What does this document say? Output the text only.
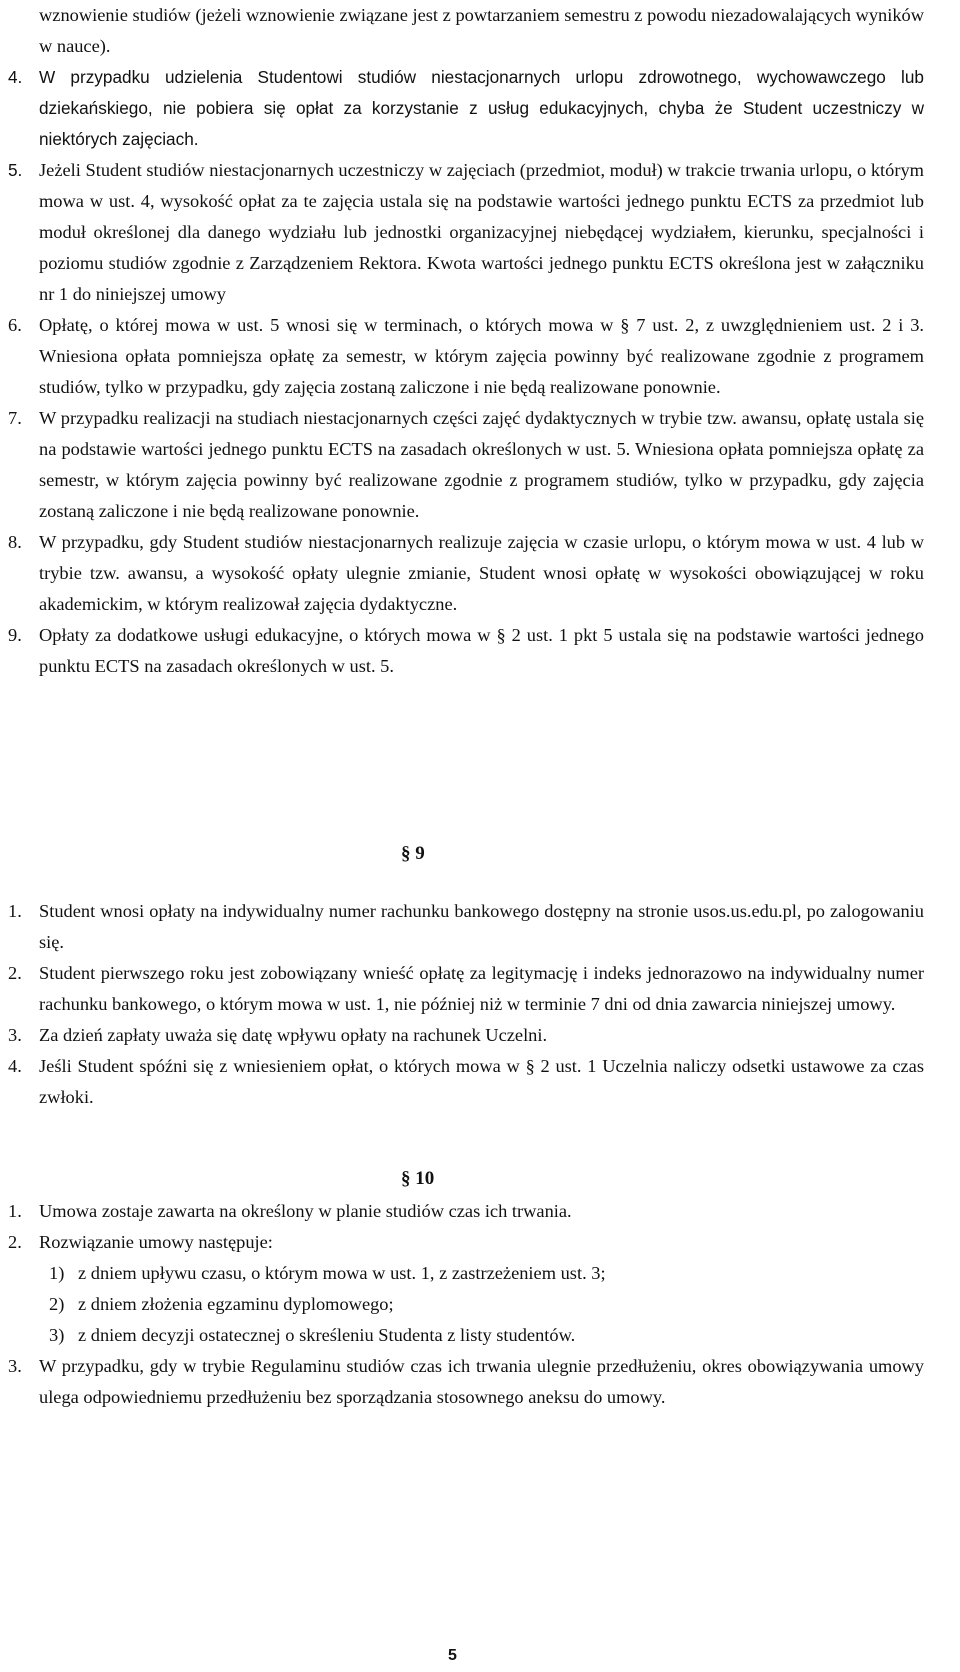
wznowienie studiów (jeżeli wznowienie związane jest z powtarzaniem semestru z powodu niezadowalających wyników w nauce).
4. W przypadku udzielenia Studentowi studiów niestacjonarnych urlopu zdrowotnego, wychowawczego lub dziekańskiego, nie pobiera się opłat za korzystanie z usług edukacyjnych, chyba że Student uczestniczy w niektórych zajęciach.
5. Jeżeli Student studiów niestacjonarnych uczestniczy w zajęciach (przedmiot, moduł) w trakcie trwania urlopu, o którym mowa w ust. 4, wysokość opłat za te zajęcia ustala się na podstawie wartości jednego punktu ECTS za przedmiot lub moduł określonej dla danego wydziału lub jednostki organizacyjnej niebędącej wydziałem, kierunku, specjalności i poziomu studiów zgodnie z Zarządzeniem Rektora. Kwota wartości jednego punktu ECTS określona jest w załączniku nr 1 do niniejszej umowy
6. Opłatę, o której mowa w ust. 5 wnosi się w terminach, o których mowa w § 7 ust. 2, z uwzględnieniem ust. 2 i 3. Wniesiona opłata pomniejsza opłatę za semestr, w którym zajęcia powinny być realizowane zgodnie z programem studiów, tylko w przypadku, gdy zajęcia zostaną zaliczone i nie będą realizowane ponownie.
7. W przypadku realizacji na studiach niestacjonarnych części zajęć dydaktycznych w trybie tzw. awansu, opłatę ustala się na podstawie wartości jednego punktu ECTS na zasadach określonych w ust. 5. Wniesiona opłata pomniejsza opłatę za semestr, w którym zajęcia powinny być realizowane zgodnie z programem studiów, tylko w przypadku, gdy zajęcia zostaną zaliczone i nie będą realizowane ponownie.
8. W przypadku, gdy Student studiów niestacjonarnych realizuje zajęcia w czasie urlopu, o którym mowa w ust. 4 lub w trybie tzw. awansu, a wysokość opłaty ulegnie zmianie, Student wnosi opłatę w wysokości obowiązującej w roku akademickim, w którym realizował zajęcia dydaktyczne.
9. Opłaty za dodatkowe usługi edukacyjne, o których mowa w § 2 ust. 1 pkt 5 ustala się na podstawie wartości jednego punktu ECTS na zasadach określonych w ust. 5.
§ 9
1. Student wnosi opłaty na indywidualny numer rachunku bankowego dostępny na stronie usos.us.edu.pl, po zalogowaniu się.
2. Student pierwszego roku jest zobowiązany wnieść opłatę za legitymację i indeks jednorazowo na indywidualny numer rachunku bankowego, o którym mowa w ust. 1, nie później niż w terminie 7 dni od dnia zawarcia niniejszej umowy.
3. Za dzień zapłaty uważa się datę wpływu opłaty na rachunek Uczelni.
4. Jeśli Student spóźni się z wniesieniem opłat, o których mowa w § 2 ust. 1 Uczelnia naliczy odsetki ustawowe za czas zwłoki.
§ 10
1. Umowa zostaje zawarta na określony w planie studiów czas ich trwania.
2. Rozwiązanie umowy następuje:
1) z dniem upływu czasu, o którym mowa w ust. 1, z zastrzeżeniem ust. 3;
2) z dniem złożenia egzaminu dyplomowego;
3) z dniem decyzji ostatecznej o skreśleniu Studenta z listy studentów.
3. W przypadku, gdy w trybie Regulaminu studiów czas ich trwania ulegnie przedłużeniu, okres obowiązywania umowy ulega odpowiedniemu przedłużeniu bez sporządzania stosownego aneksu do umowy.
5
